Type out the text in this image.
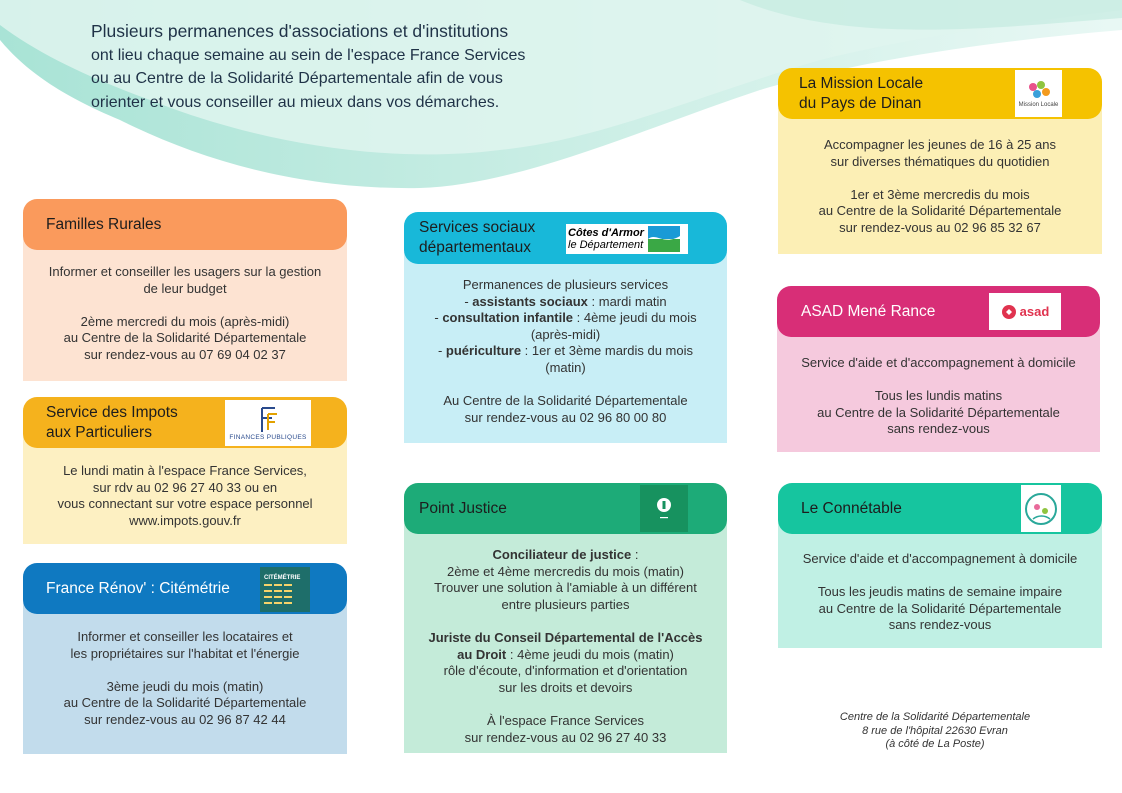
Plusieurs permanences d'associations et d'institutions
ont lieu chaque semaine au sein de l'espace France Services
ou au Centre de la Solidarité Départementale afin de vous
orienter et vous conseiller au mieux dans vos démarches.

Informer et conseiller les usagers sur la gestion

de leur budget

2ème mercredi du mois (après-midi)

au Centre de la Solidarité Départementale

sur rendez-vous au 07 69 04 02 37

Familles Rurales

Le lundi matin à l'espace France Services,

sur rdv au 02 96 27 40 33 ou en

vous connectant sur votre espace personnel

www.impots.gouv.fr

Service des Impots
aux Particuliers	FINANCES PUBLIQUES

Informer et conseiller les locataires et

les propriétaires sur l'habitat et l'énergie

3ème jeudi du mois (matin)

au Centre de la Solidarité Départementale

sur rendez-vous au 02 96 87 42 44

France Rénov' : Citémétrie
CITÉMÉTRIE

Permanences de plusieurs services

- assistants sociaux : mardi matin

- consultation infantile : 4ème jeudi du mois

(après-midi)

- puériculture : 1er et 3ème mardis du mois

(matin)

Au Centre de la Solidarité Départementale

sur rendez-vous au 02 96 80 00 80

Services sociaux
départementaux
Côtes d'Armor
le Département

Conciliateur de justice :

2ème et 4ème mercredis du mois (matin)

Trouver une solution à l'amiable à un différent

entre plusieurs parties

Juriste du Conseil Départemental de l'Accès

au Droit : 4ème jeudi du mois (matin)

rôle d'écoute, d'information et d'orientation

sur les droits et devoirs

À l'espace France Services

sur rendez-vous au 02 96 27 40 33

Point Justice

Accompagner les jeunes de 16 à 25 ans

sur diverses thématiques du quotidien

1er et 3ème mercredis du mois

au Centre de la Solidarité Départementale

sur rendez-vous au 02 96 85 32 67

La Mission Locale
du Pays de Dinan	Mission Locale

Service d'aide et d'accompagnement à domicile

Tous les lundis matins

au Centre de la Solidarité Départementale

sans rendez-vous

ASAD Mené Rance	asad

Service d'aide et d'accompagnement à domicile

Tous les jeudis matins de semaine impaire

au Centre de la Solidarité Départementale

sans rendez-vous

Le Connétable
Centre de la Solidarité Départementale
8 rue de l'hôpital 22630 Evran
(à côté de La Poste)
